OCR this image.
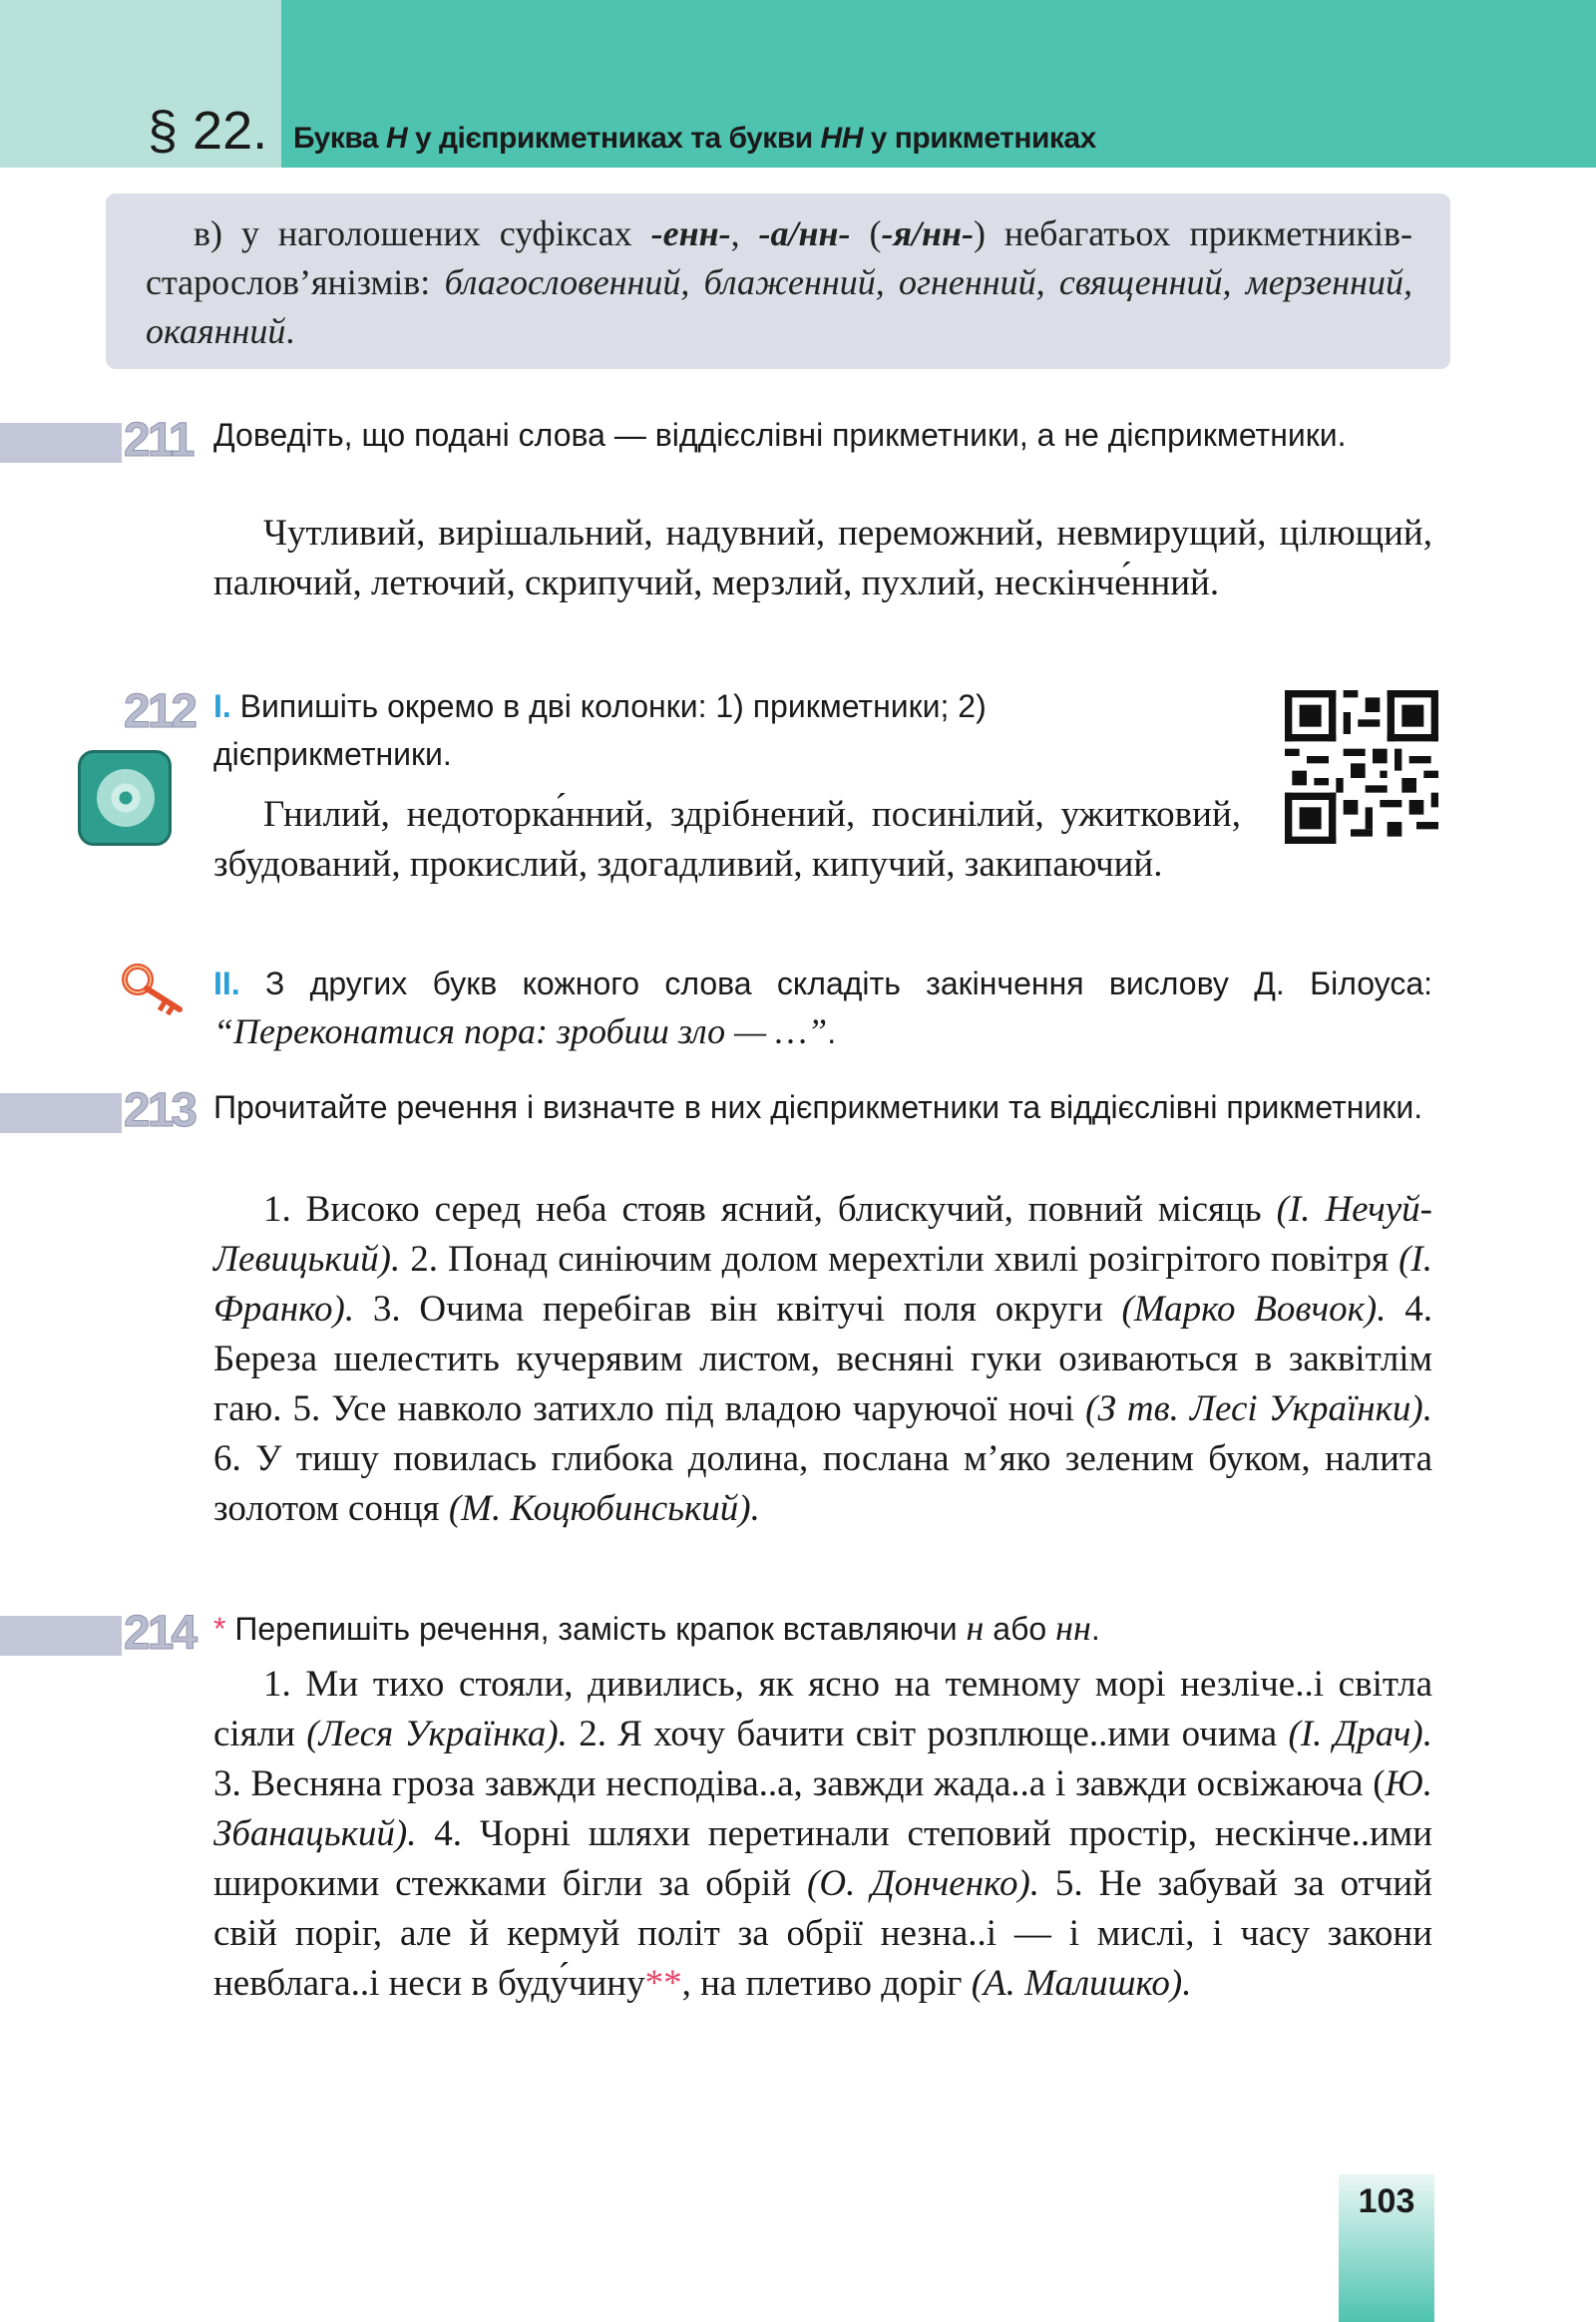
§ 22. Буква Н у дієприкметниках та букви НН у прикметниках
в) у наголошених суфіксах -енн-, -а/нн- (-я/нн-) небагатьох прикметників-старослов’янізмів: благословенний, блаженний, огненний, священний, мерзенний, окаянний.
211 Доведіть, що подані слова — віддієслівні прикметники, а не дієприкметники.
Чутливий, вирішальний, надувний, переможний, невмирущий, цілющий, палючий, летючий, скрипучий, мерзлий, пухлий, нескінче́нний.
212 I. Випишіть окремо в дві колонки: 1) прикметники; 2) дієприкметники.
Гнилий, недоторка́нний, здрібнений, посинілий, ужитковий, збудований, прокислий, здогадливий, кипучий, закипаючий.
II. З других букв кожного слова складіть закінчення вислову Д. Білоуса: “Переконатися пора: зробиш зло — …”.
213 Прочитайте речення і визначте в них дієприкметники та віддієслівні прикметники.
1. Високо серед неба стояв ясний, блискучий, повний місяць (І. Нечуй-Левицький). 2. Понад синіючим долом мерехтіли хвилі розігрітого повітря (І. Франко). 3. Очима перебігав він квітучі поля округи (Марко Вовчок). 4. Береза шелестить кучерявим листом, весняні гуки озиваються в заквітлім гаю. 5. Усе навколо затихло під владою чаруючої ночі (З тв. Лесі Українки). 6. У тишу повилась глибока долина, послана м’яко зеленим буком, налита золотом сонця (М. Коцюбинський).
214 * Перепишіть речення, замість крапок вставляючи н або нн.
1. Ми тихо стояли, дивились, як ясно на темному морі незліче..і світла сіяли (Леся Українка). 2. Я хочу бачити світ розплюще..ими очима (І. Драч). 3. Весняна гроза завжди несподіва..а, завжди жада..а і завжди освіжаюча (Ю. Збанацький). 4. Чорні шляхи перетинали степовий простір, нескінче..ими широкими стежками бігли за обрій (О. Донченко). 5. Не забувай за отчий свій поріг, але й кермуй політ за обрії незна..і — і мислі, і часу закони невблага..і неси в буду́чину**, на плетиво доріг (А. Малишко).
103
